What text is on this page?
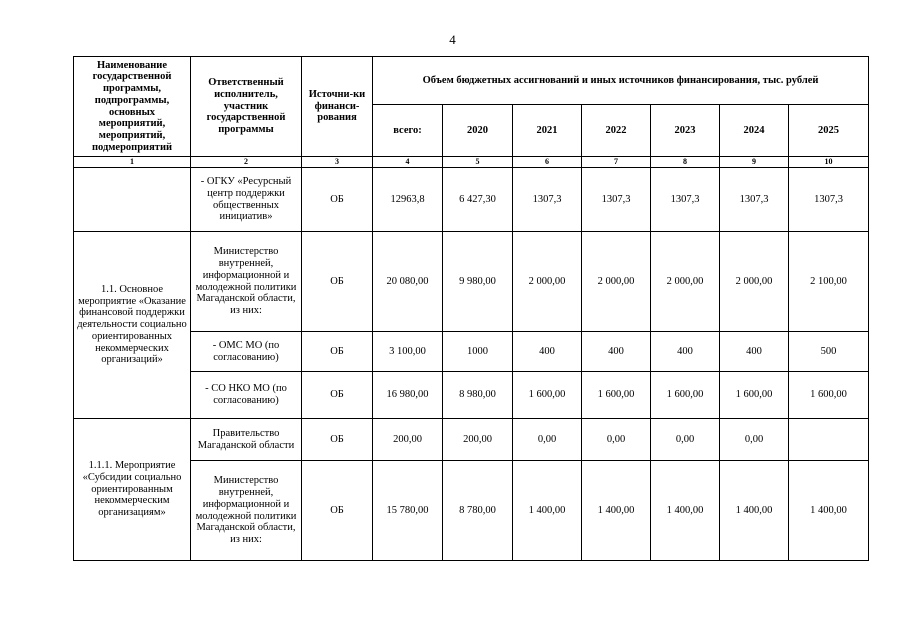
4
Наименование государственной программы, подпрограммы, основных мероприятий, мероприятий, подмероприятий	Ответственный исполнитель, участник государственной программы	Источни-ки финанси-рования	Объем бюджетных ассигнований и иных источников финансирования, тыс. рублей						
			всего:	2020	2021	2022	2023	2024	2025
1	2	3	4	5	6	7	8	9	10
	- ОГКУ «Ресурсный центр поддержки общественных инициатив»	ОБ	12963,8	6 427,30	1307,3	1307,3	1307,3	1307,3	1307,3
1.1. Основное мероприятие «Оказание финансовой поддержки деятельности социально ориентированных некоммерческих организаций»	Министерство внутренней, информационной и молодежной политики Магаданской области, из них:	ОБ	20 080,00	9 980,00	2 000,00	2 000,00	2 000,00	2 000,00	2 100,00
	- ОМС МО (по согласованию)	ОБ	3 100,00	1000	400	400	400	400	500
	- СО НКО МО (по согласованию)	ОБ	16 980,00	8 980,00	1 600,00	1 600,00	1 600,00	1 600,00	1 600,00
1.1.1. Мероприятие «Субсидии социально ориентированным некоммерческим организациям»	Правительство Магаданской области	ОБ	200,00	200,00	0,00	0,00	0,00	0,00	
	Министерство внутренней, информационной и молодежной политики Магаданской области, из них:	ОБ	15 780,00	8 780,00	1 400,00	1 400,00	1 400,00	1 400,00	1 400,00
